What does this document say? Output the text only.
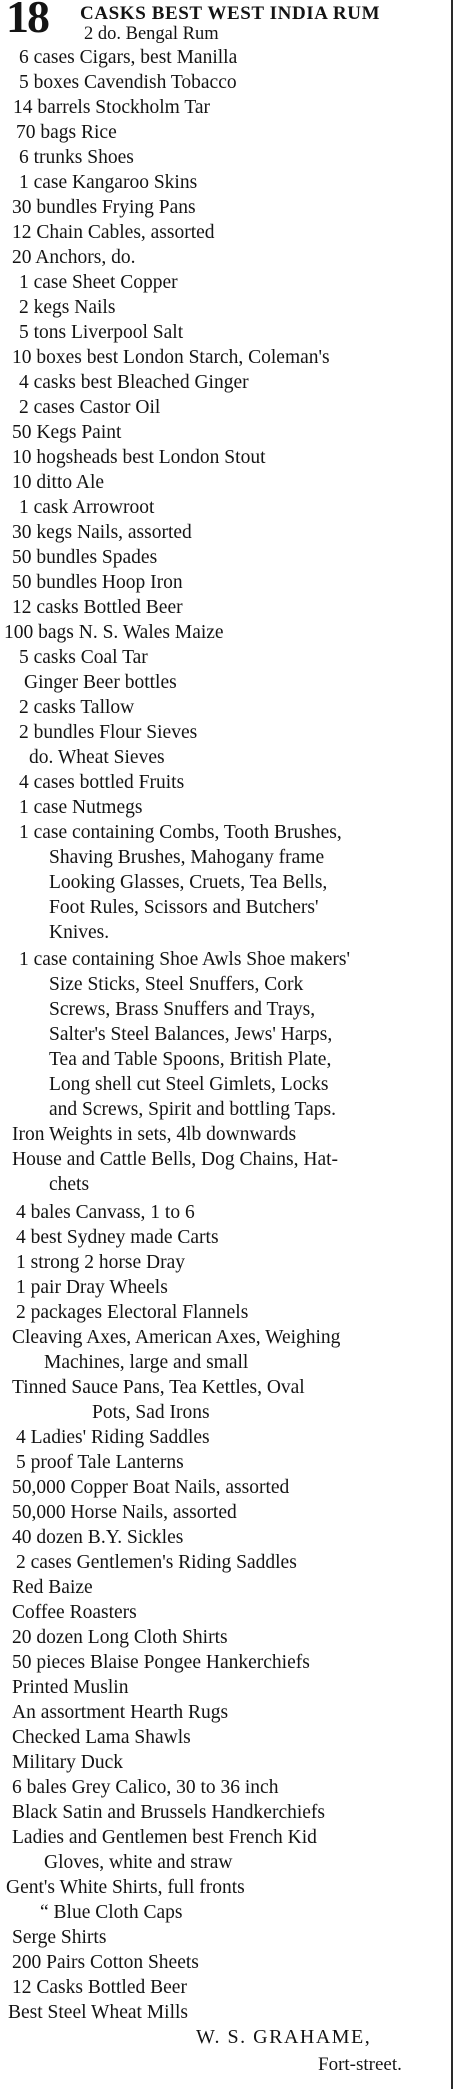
18 CASKS BEST WEST INDIA RUM
2 do. Bengal Rum
6 cases Cigars, best Manilla
5 boxes Cavendish Tobacco
14 barrels Stockholm Tar
70 bags Rice
6 trunks Shoes
1 case Kangaroo Skins
30 bundles Frying Pans
12 Chain Cables, assorted
20 Anchors, do.
1 case Sheet Copper
2 kegs Nails
5 tons Liverpool Salt
10 boxes best London Starch, Coleman's
4 casks best Bleached Ginger
2 cases Castor Oil
50 Kegs Paint
10 hogsheads best London Stout
10 ditto Ale
1 cask Arrowroot
30 kegs Nails, assorted
50 bundles Spades
50 bundles Hoop Iron
12 casks Bottled Beer
100 bags N. S. Wales Maize
5 casks Coal Tar
Ginger Beer bottles
2 casks Tallow
2 bundles Flour Sieves
do. Wheat Sieves
4 cases bottled Fruits
1 case Nutmegs
1 case containing Combs, Tooth Brushes,
Shaving Brushes, Mahogany frame
Looking Glasses, Cruets, Tea Bells,
Foot Rules, Scissors and Butchers'
Knives.
1 case containing Shoe Awls Shoe makers'
Size Sticks, Steel Snuffers, Cork
Screws, Brass Snuffers and Trays,
Salter's Steel Balances, Jews' Harps,
Tea and Table Spoons, British Plate,
Long shell cut Steel Gimlets, Locks
and Screws, Spirit and bottling Taps.
Iron Weights in sets, 4lb downwards
House and Cattle Bells, Dog Chains, Hat-
chets
4 bales Canvass, 1 to 6
4 best Sydney made Carts
1 strong 2 horse Dray
1 pair Dray Wheels
2 packages Electoral Flannels
Cleaving Axes, American Axes, Weighing
Machines, large and small
Tinned Sauce Pans, Tea Kettles, Oval
Pots, Sad Irons
4 Ladies' Riding Saddles
5 proof Tale Lanterns
50,000 Copper Boat Nails, assorted
50,000 Horse Nails, assorted
40 dozen B.Y. Sickles
2 cases Gentlemen's Riding Saddles
Red Baize
Coffee Roasters
20 dozen Long Cloth Shirts
50 pieces Blaise Pongee Hankerchiefs
Printed Muslin
An assortment Hearth Rugs
Checked Lama Shawls
Military Duck
6 bales Grey Calico, 30 to 36 inch
Black Satin and Brussels Handkerchiefs
Ladies and Gentlemen best French Kid
Gloves, white and straw
Gent's White Shirts, full fronts
“ Blue Cloth Caps
Serge Shirts
200 Pairs Cotton Sheets
12 Casks Bottled Beer
Best Steel Wheat Mills
W. S. GRAHAME,
Fort-street.
